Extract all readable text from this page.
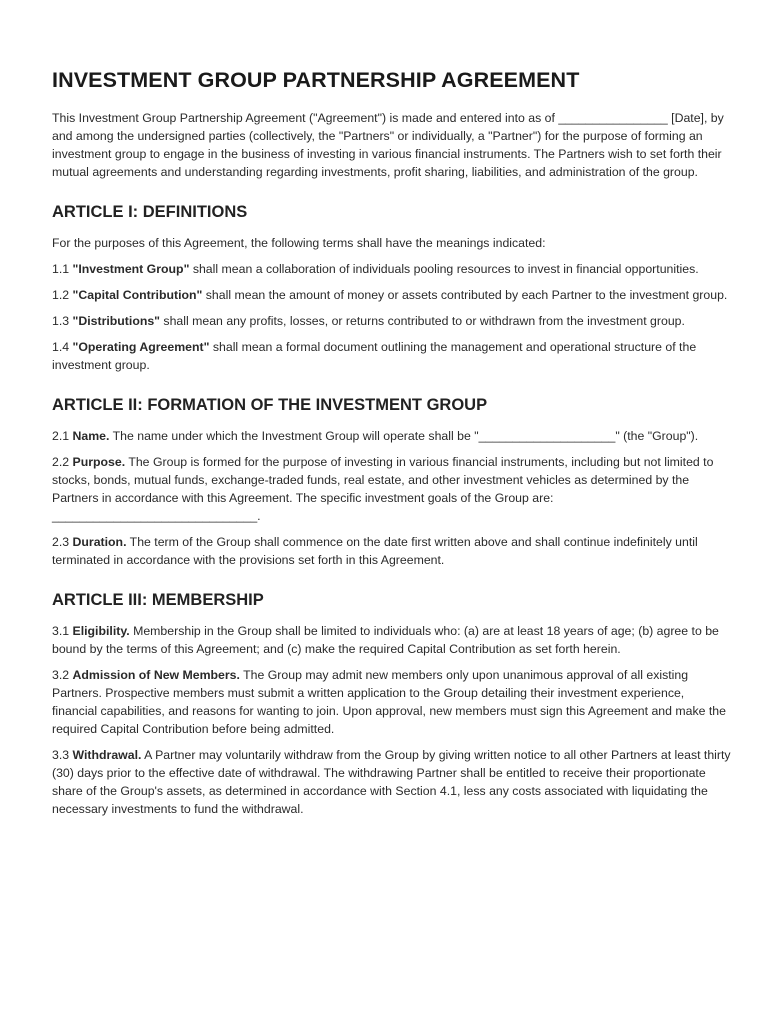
INVESTMENT GROUP PARTNERSHIP AGREEMENT

This Investment Group Partnership Agreement ("Agreement") is made and entered into as of ________________ [Date], by and among the undersigned parties (collectively, the "Partners" or individually, a "Partner") for the purpose of forming an investment group to engage in the business of investing in various financial instruments. The Partners wish to set forth their mutual agreements and understanding regarding investments, profit sharing, liabilities, and administration of the group.

ARTICLE I: DEFINITIONS

For the purposes of this Agreement, the following terms shall have the meanings indicated:

1.1 "Investment Group" shall mean a collaboration of individuals pooling resources to invest in financial opportunities.

1.2 "Capital Contribution" shall mean the amount of money or assets contributed by each Partner to the investment group.

1.3 "Distributions" shall mean any profits, losses, or returns contributed to or withdrawn from the investment group.

1.4 "Operating Agreement" shall mean a formal document outlining the management and operational structure of the investment group.

ARTICLE II: FORMATION OF THE INVESTMENT GROUP

2.1 Name. The name under which the Investment Group will operate shall be "____________________" (the "Group").

2.2 Purpose. The Group is formed for the purpose of investing in various financial instruments, including but not limited to stocks, bonds, mutual funds, exchange-traded funds, real estate, and other investment vehicles as determined by the Partners in accordance with this Agreement. The specific investment goals of the Group are: ______________________________.

2.3 Duration. The term of the Group shall commence on the date first written above and shall continue indefinitely until terminated in accordance with the provisions set forth in this Agreement.

ARTICLE III: MEMBERSHIP

3.1 Eligibility. Membership in the Group shall be limited to individuals who: (a) are at least 18 years of age; (b) agree to be bound by the terms of this Agreement; and (c) make the required Capital Contribution as set forth herein.

3.2 Admission of New Members. The Group may admit new members only upon unanimous approval of all existing Partners. Prospective members must submit a written application to the Group detailing their investment experience, financial capabilities, and reasons for wanting to join. Upon approval, new members must sign this Agreement and make the required Capital Contribution before being admitted.

3.3 Withdrawal. A Partner may voluntarily withdraw from the Group by giving written notice to all other Partners at least thirty (30) days prior to the effective date of withdrawal. The withdrawing Partner shall be entitled to receive their proportionate share of the Group's assets, as determined in accordance with Section 4.1, less any costs associated with liquidating the necessary investments to fund the withdrawal.
